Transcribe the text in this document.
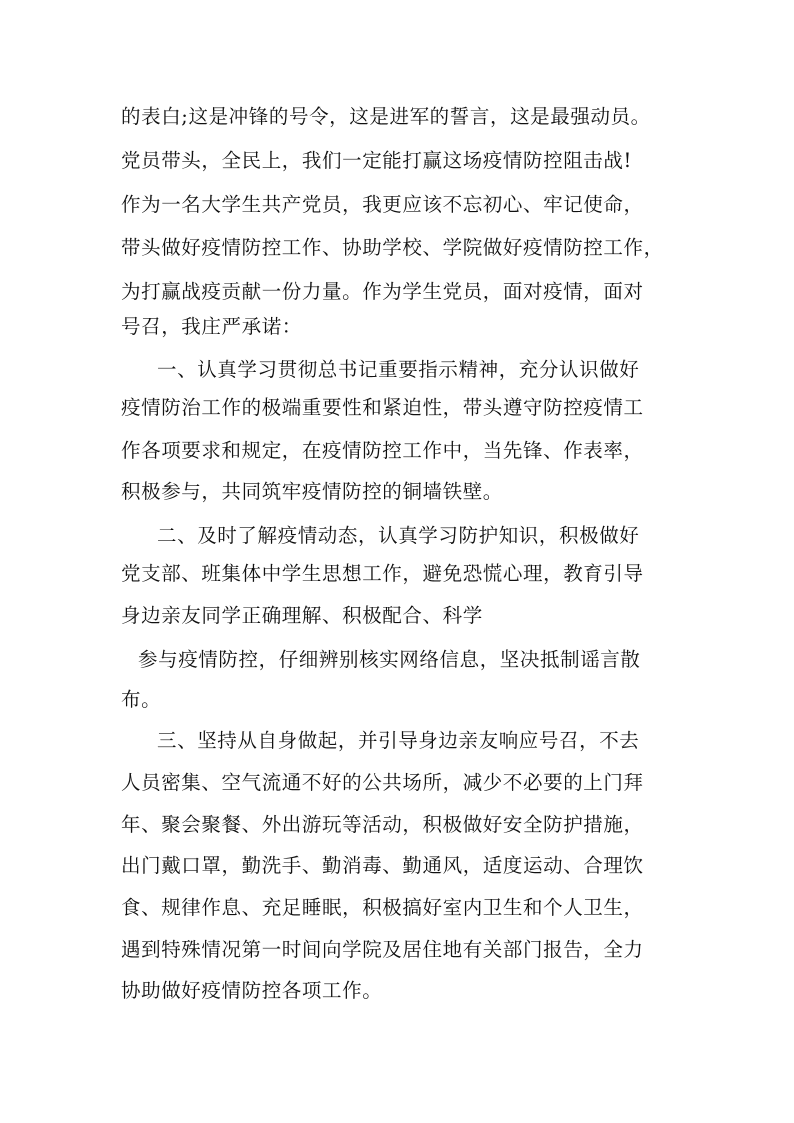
的表白;这是冲锋的号令，这是进军的誓言，这是最强动员。
党员带头，全民上，我们一定能打赢这场疫情防控阻击战!
作为一名大学生共产党员，我更应该不忘初心、牢记使命，
带头做好疫情防控工作、协助学校、学院做好疫情防控工作，
为打赢战疫贡献一份力量。作为学生党员，面对疫情，面对
号召，我庄严承诺：
一、认真学习贯彻总书记重要指示精神，充分认识做好
疫情防治工作的极端重要性和紧迫性，带头遵守防控疫情工
作各项要求和规定，在疫情防控工作中，当先锋、作表率，
积极参与，共同筑牢疫情防控的铜墙铁壁。
二、及时了解疫情动态，认真学习防护知识，积极做好
党支部、班集体中学生思想工作，避免恐慌心理，教育引导
身边亲友同学正确理解、积极配合、科学
参与疫情防控，仔细辨别核实网络信息，坚决抵制谣言散
布。
三、坚持从自身做起，并引导身边亲友响应号召，不去
人员密集、空气流通不好的公共场所，减少不必要的上门拜
年、聚会聚餐、外出游玩等活动，积极做好安全防护措施，
出门戴口罩，勤洗手、勤消毒、勤通风，适度运动、合理饮
食、规律作息、充足睡眠，积极搞好室内卫生和个人卫生，
遇到特殊情况第一时间向学院及居住地有关部门报告，全力
协助做好疫情防控各项工作。
